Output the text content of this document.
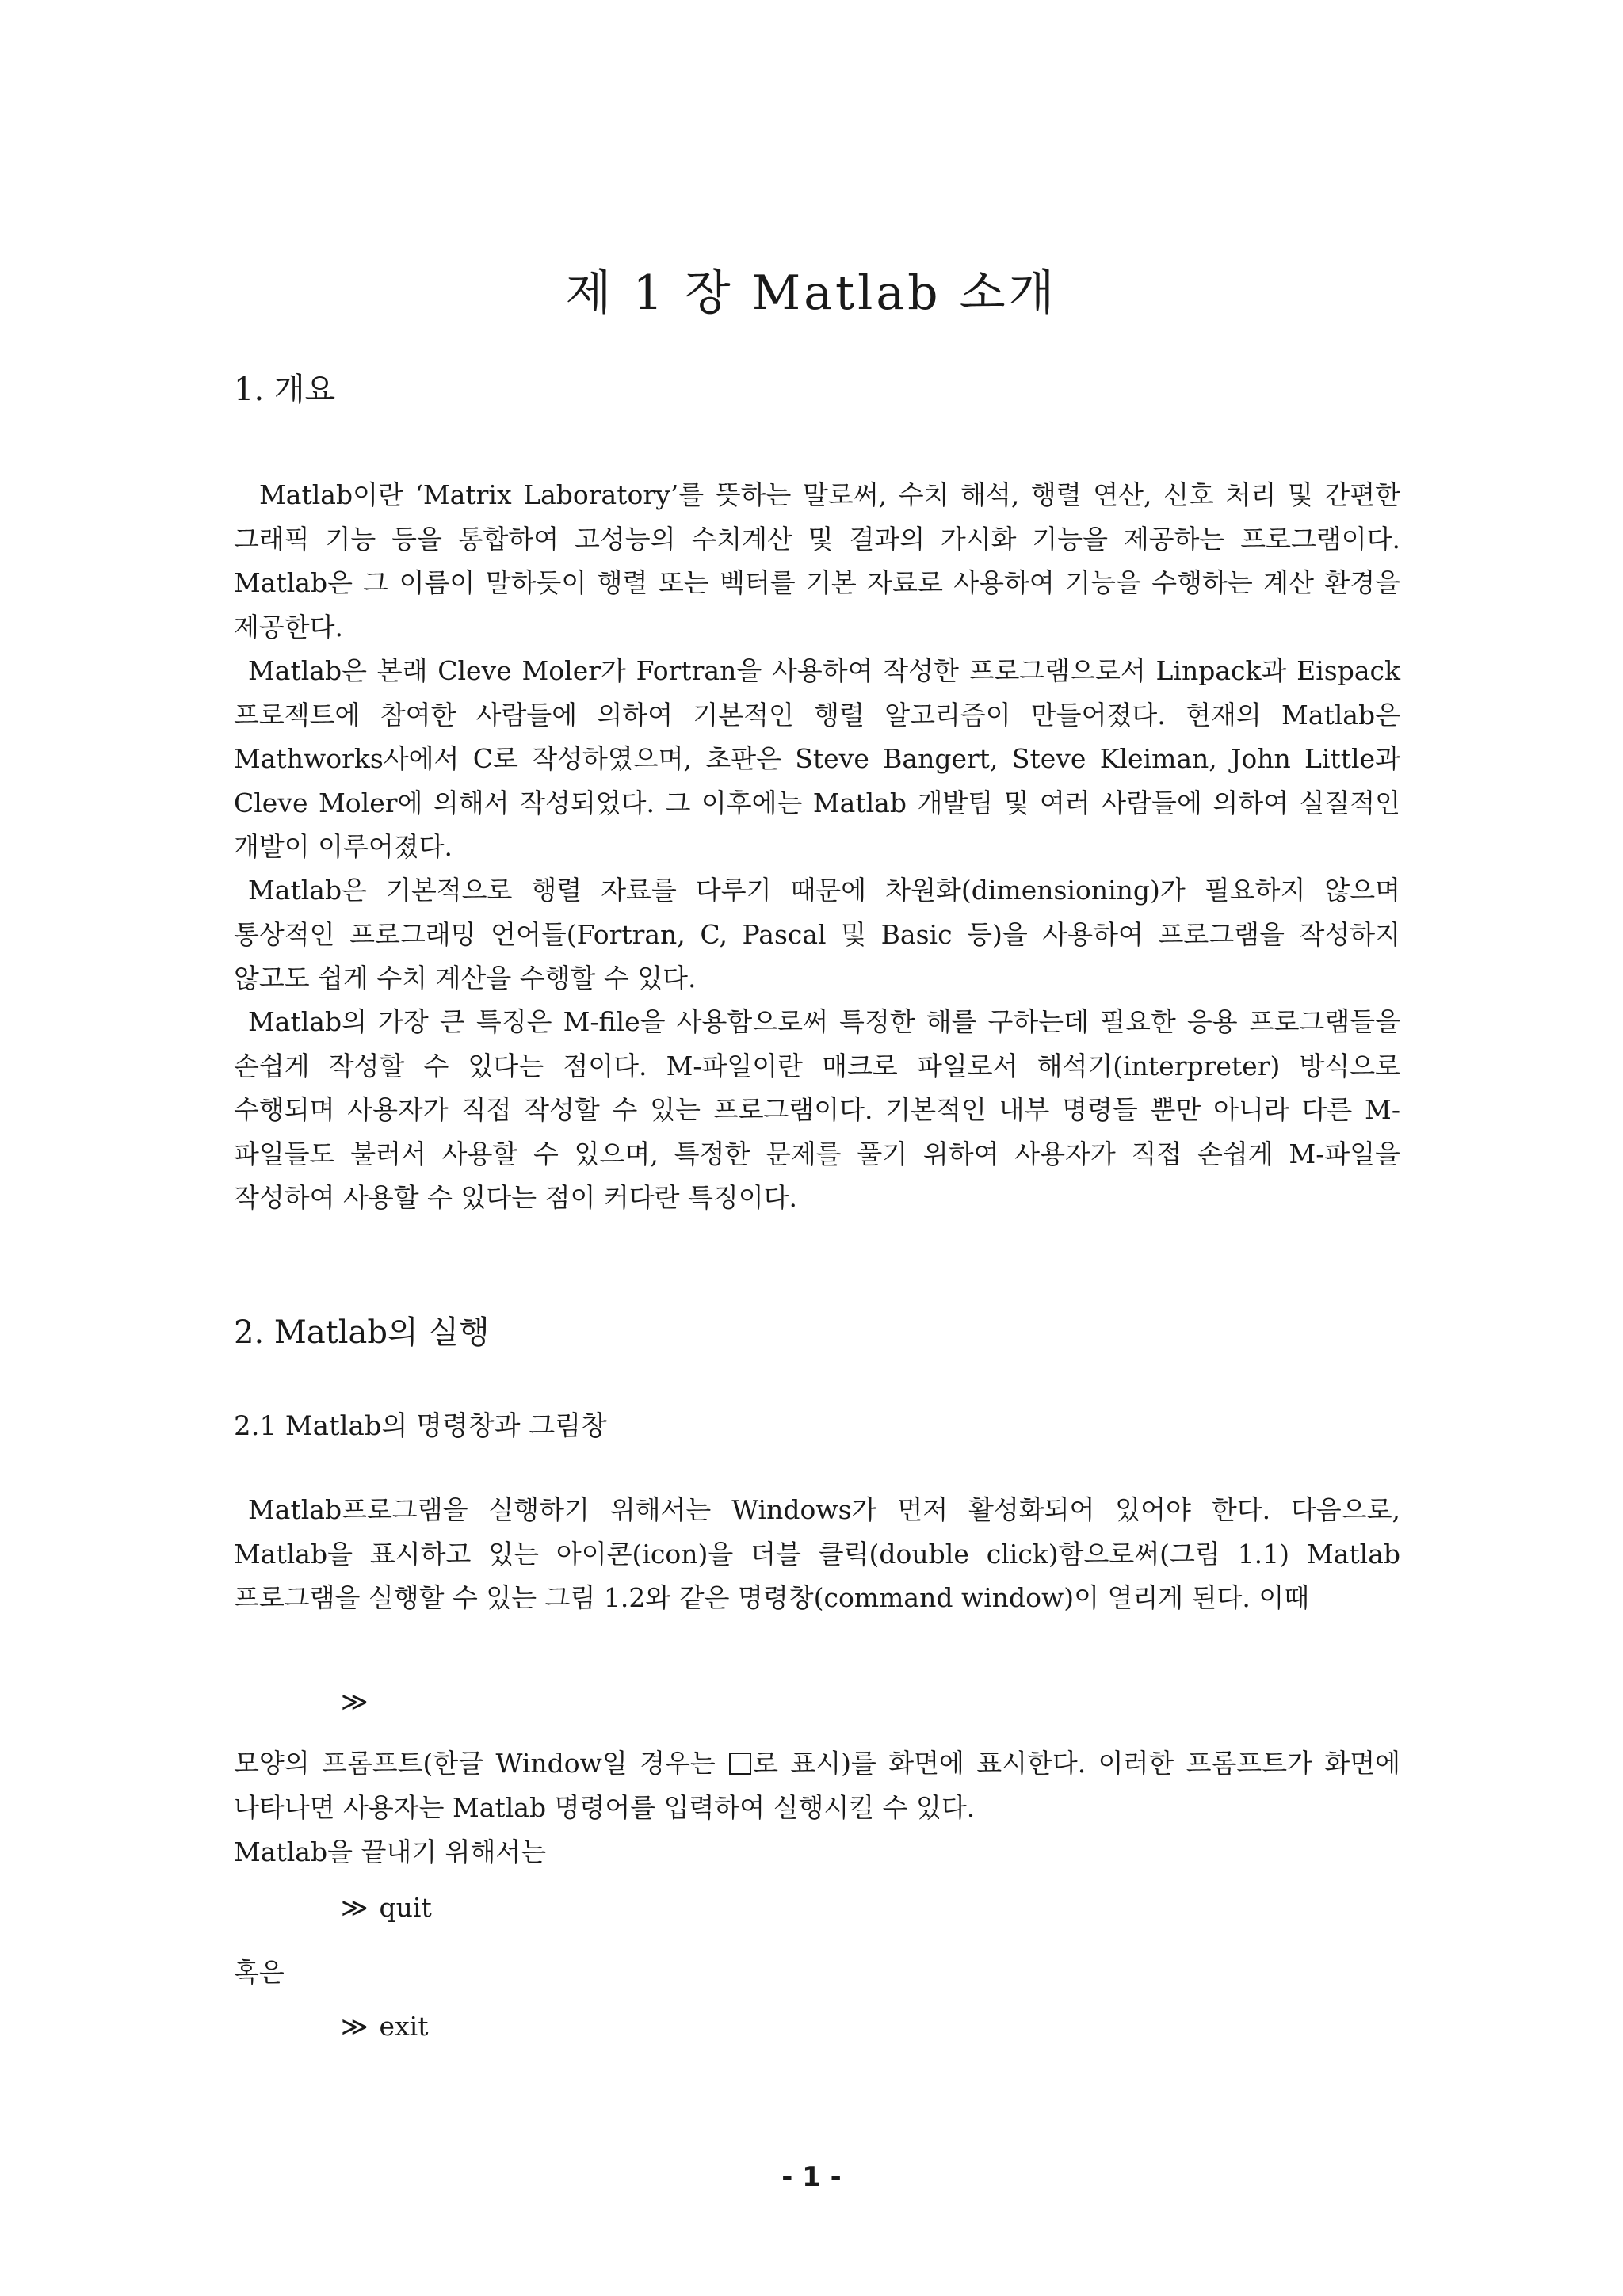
제 1 장 Matlab 소개
1. 개요

Matlab이란 ‘Matrix Laboratory’를 뜻하는 말로써, 수치 해석, 행렬 연산, 신호 처리 및 간편한 그래픽 기능 등을 통합하여 고성능의 수치계산 및 결과의 가시화 기능을 제공하는 프로그램이다. Matlab은 그 이름이 말하듯이 행렬 또는 벡터를 기본 자료로 사용하여 기능을 수행하는 계산 환경을 제공한다.

Matlab은 본래 Cleve Moler가 Fortran을 사용하여 작성한 프로그램으로서 Linpack과 Eispack 프로젝트에 참여한 사람들에 의하여 기본적인 행렬 알고리즘이 만들어졌다. 현재의 Matlab은 Mathworks사에서 C로 작성하였으며, 초판은 Steve Bangert, Steve Kleiman, John Little과 Cleve Moler에 의해서 작성되었다. 그 이후에는 Matlab 개발팀 및 여러 사람들에 의하여 실질적인 개발이 이루어졌다.

Matlab은 기본적으로 행렬 자료를 다루기 때문에 차원화(dimensioning)가 필요하지 않으며 통상적인 프로그래밍 언어들(Fortran, C, Pascal 및 Basic 등)을 사용하여 프로그램을 작성하지 않고도 쉽게 수치 계산을 수행할 수 있다.

Matlab의 가장 큰 특징은 M-file을 사용함으로써 특정한 해를 구하는데 필요한 응용 프로그램들을 손쉽게 작성할 수 있다는 점이다. M-파일이란 매크로 파일로서 해석기(interpreter) 방식으로 수행되며 사용자가 직접 작성할 수 있는 프로그램이다. 기본적인 내부 명령들 뿐만 아니라 다른 M-파일들도 불러서 사용할 수 있으며, 특정한 문제를 풀기 위하여 사용자가 직접 손쉽게 M-파일을 작성하여 사용할 수 있다는 점이 커다란 특징이다.

2. Matlab의 실행
2.1 Matlab의 명령창과 그림창

Matlab프로그램을 실행하기 위해서는 Windows가 먼저 활성화되어 있어야 한다. 다음으로, Matlab을 표시하고 있는 아이콘(icon)을 더블 클릭(double click)함으로써(그림 1.1) Matlab 프로그램을 실행할 수 있는 그림 1.2와 같은 명령창(command window)이 열리게 된다. 이때

≫

모양의 프롬프트(한글 Window일 경우는 로 표시)를 화면에 표시한다. 이러한 프롬프트가 화면에 나타나면 사용자는 Matlab 명령어를 입력하여 실행시킬 수 있다.

Matlab을 끝내기 위해서는

≫ quit

혹은

≫ exit

- 1 -
